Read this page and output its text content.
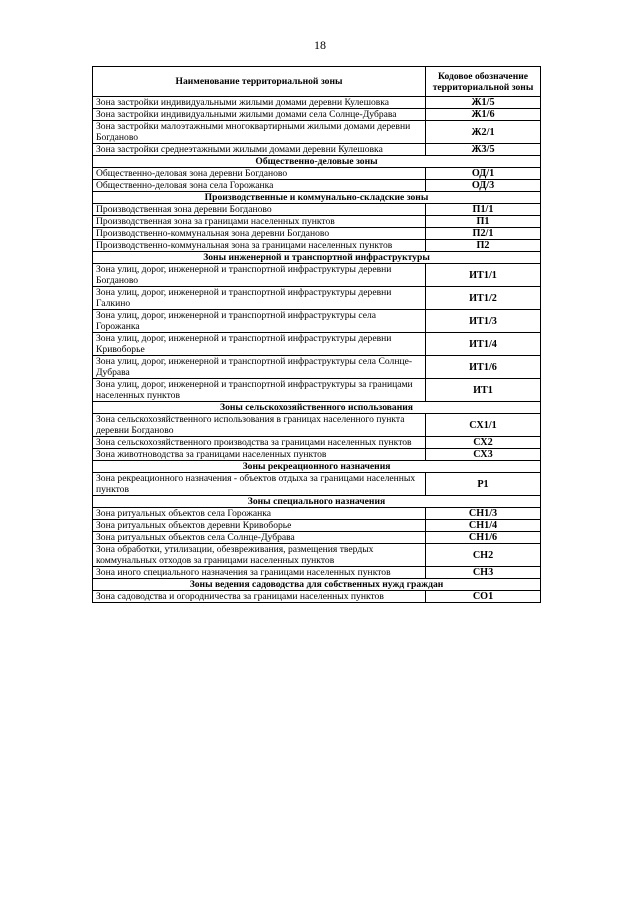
18
Наименование территориальной зоны	Кодовое обозначение территориальной зоны
Зона застройки индивидуальными жилыми домами деревни Кулешовка	Ж1/5
Зона застройки индивидуальными жилыми домами села Солнце-Дубрава	Ж1/6
Зона застройки малоэтажными многоквартирными жилыми домами деревни Богданово	Ж2/1
Зона застройки среднеэтажными жилыми домами деревни Кулешовка	Ж3/5
Общественно-деловые зоны	
Общественно-деловая зона деревни Богданово	ОД/1
Общественно-деловая зона села Горожанка	ОД/3
Производственные и коммунально-складские зоны	
Производственная зона деревни Богданово	П1/1
Производственная зона за границами населенных пунктов	П1
Производственно-коммунальная зона деревни Богданово	П2/1
Производственно-коммунальная зона за границами населенных пунктов	П2
Зоны инженерной и транспортной инфраструктуры	
Зона улиц, дорог, инженерной и транспортной инфраструктуры деревни Богданово	ИТ1/1
Зона улиц, дорог, инженерной и транспортной инфраструктуры деревни Галкино	ИТ1/2
Зона улиц, дорог, инженерной и транспортной инфраструктуры села Горожанка	ИТ1/3
Зона улиц, дорог, инженерной и транспортной инфраструктуры деревни Кривоборье	ИТ1/4
Зона улиц, дорог, инженерной и транспортной инфраструктуры села Солнце-Дубрава	ИТ1/6
Зона улиц, дорог, инженерной и транспортной инфраструктуры за границами населенных пунктов	ИТ1
Зоны сельскохозяйственного использования	
Зона сельскохозяйственного использования в границах населенного пункта деревни Богданово	СХ1/1
Зона сельскохозяйственного производства за границами населенных пунктов	СХ2
Зона животноводства за границами населенных пунктов	СХ3
Зоны рекреационного назначения	
Зона рекреационного назначения - объектов отдыха за границами населенных пунктов	Р1
Зоны специального назначения	
Зона ритуальных объектов села Горожанка	СН1/3
Зона ритуальных объектов деревни Кривоборье	СН1/4
Зона ритуальных объектов села Солнце-Дубрава	СН1/6
Зона обработки, утилизации, обезвреживания, размещения твердых коммунальных отходов за границами населенных пунктов	СН2
Зона иного специального назначения за границами населенных пунктов	СН3
Зоны ведения садоводства для собственных нужд граждан	
Зона садоводства и огородничества за границами населенных пунктов	СО1
